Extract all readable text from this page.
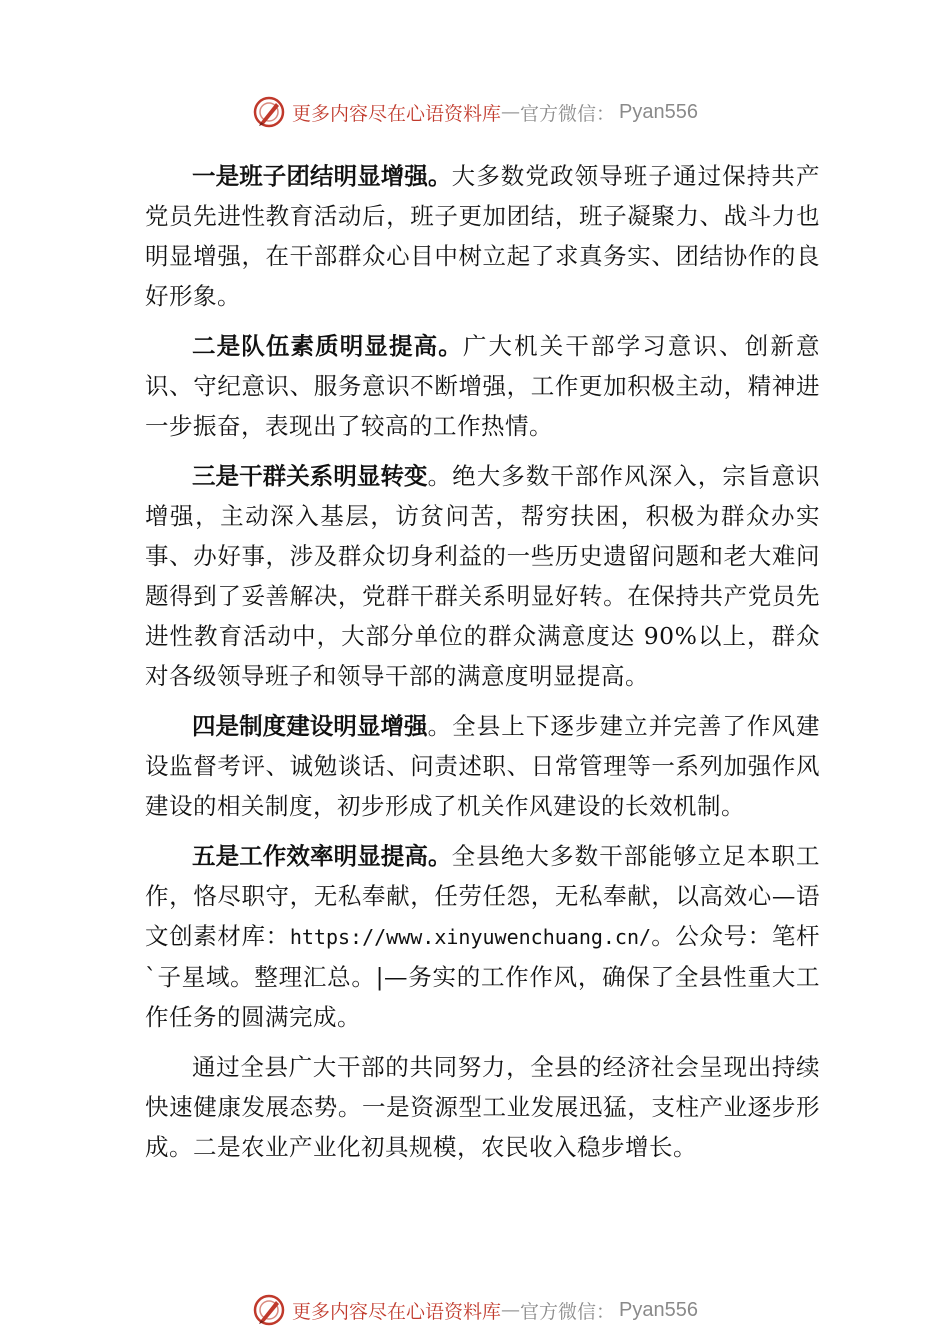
更多内容尽在心语资料库 — 官方微信： Pyan556

一是班子团结明显增强。大多数党政领导班子通过保持共产党员先进性教育活动后，班子更加团结，班子凝聚力、战斗力也明显增强，在干部群众心目中树立起了求真务实、团结协作的良好形象。

二是队伍素质明显提高。广大机关干部学习意识、创新意识、守纪意识、服务意识不断增强，工作更加积极主动，精神进一步振奋，表现出了较高的工作热情。

三是干群关系明显转变。绝大多数干部作风深入，宗旨意识增强，主动深入基层，访贫问苦，帮穷扶困，积极为群众办实事、办好事，涉及群众切身利益的一些历史遗留问题和老大难问题得到了妥善解决，党群干群关系明显好转。在保持共产党员先进性教育活动中，大部分单位的群众满意度达 90%以上，群众对各级领导班子和领导干部的满意度明显提高。

四是制度建设明显增强。全县上下逐步建立并完善了作风建设监督考评、诚勉谈话、问责述职、日常管理等一系列加强作风建设的相关制度，初步形成了机关作风建设的长效机制。

五是工作效率明显提高。全县绝大多数干部能够立足本职工作，恪尽职守，无私奉献，任劳任怨，无私奉献，以高效心—语文创素材库：https://www.xinyuwenchuang.cn/。公众号：笔杆`子星域。整理汇总。|—务实的工作作风，确保了全县性重大工作任务的圆满完成。

通过全县广大干部的共同努力，全县的经济社会呈现出持续快速健康发展态势。一是资源型工业发展迅猛，支柱产业逐步形成。二是农业产业化初具规模，农民收入稳步增长。

更多内容尽在心语资料库 — 官方微信： Pyan556
